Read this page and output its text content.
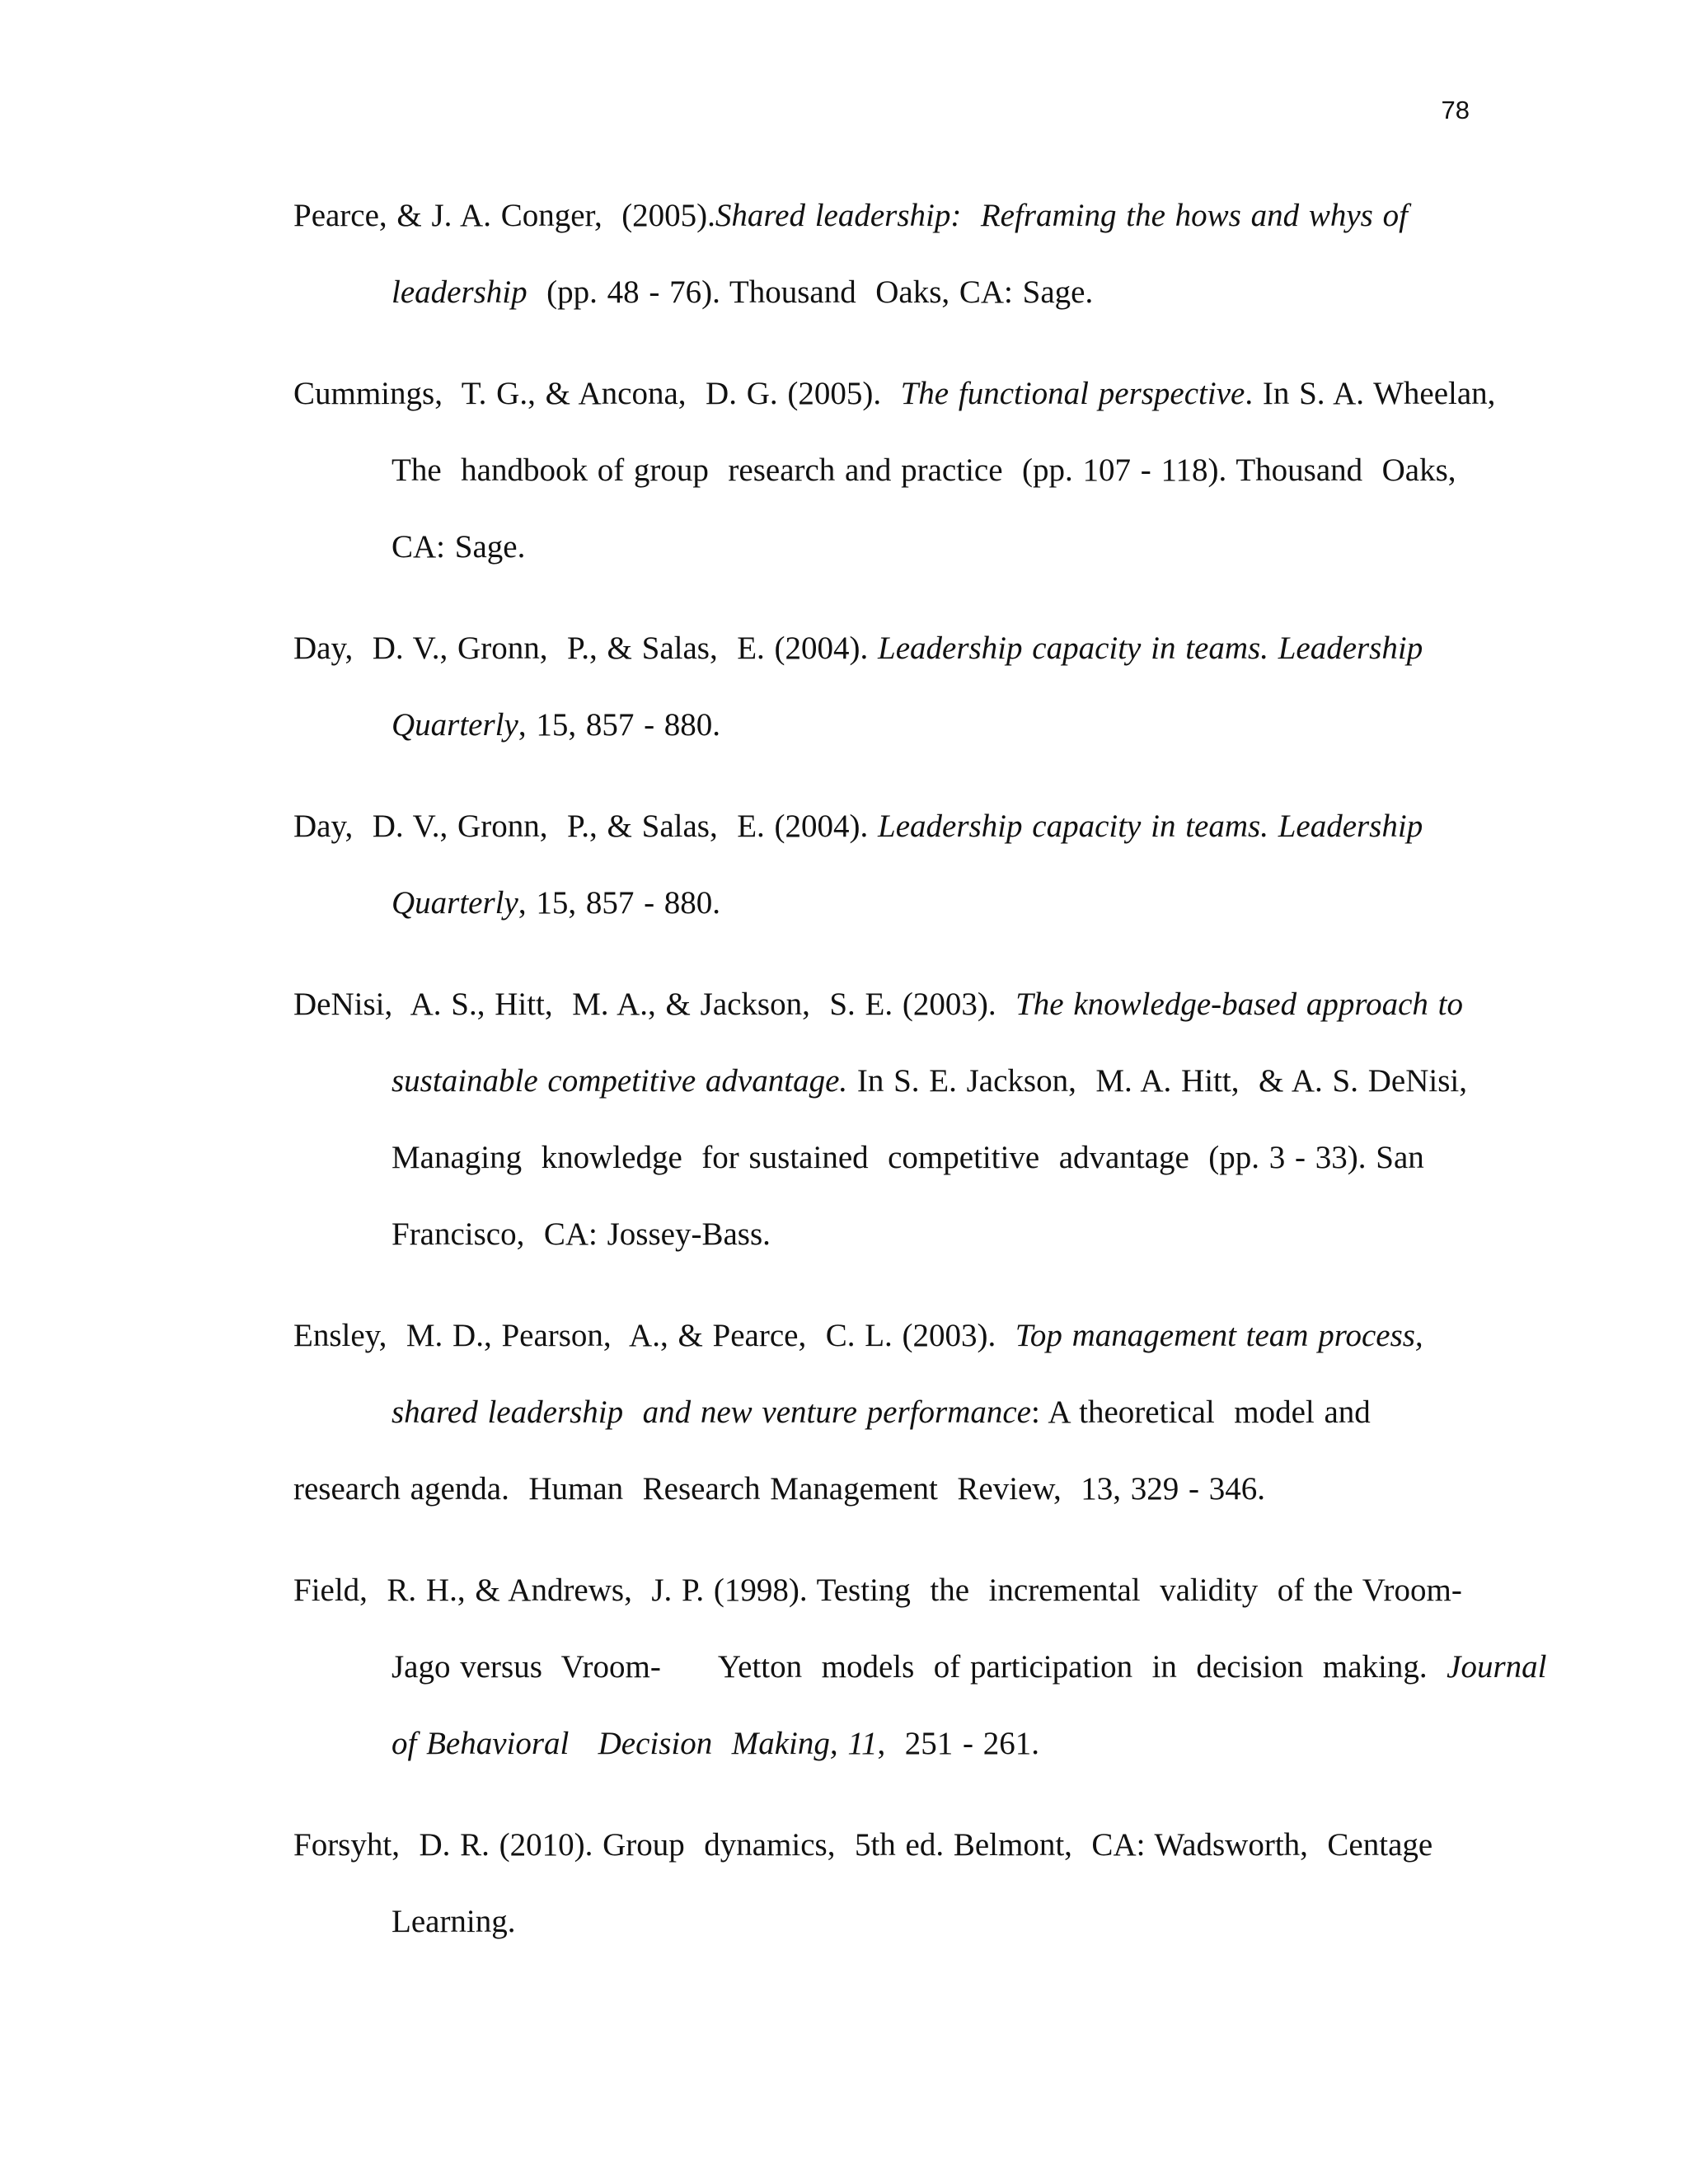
78
Pearce, & J. A. Conger,  (2005).Shared leadership:  Reframing the hows and whys of
leadership  (pp. 48 - 76). Thousand  Oaks, CA: Sage.
Cummings,  T. G., & Ancona,  D. G. (2005).  The functional perspective. In S. A. Wheelan,
The  handbook of group  research and practice  (pp. 107 - 118). Thousand  Oaks,
CA: Sage.
Day,  D. V., Gronn,  P., & Salas,  E. (2004). Leadership capacity in teams. Leadership
Quarterly, 15, 857 - 880.
Day,  D. V., Gronn,  P., & Salas,  E. (2004). Leadership capacity in teams. Leadership
Quarterly, 15, 857 - 880.
DeNisi,  A. S., Hitt,  M. A., & Jackson,  S. E. (2003).  The knowledge-based approach to
sustainable competitive advantage. In S. E. Jackson,  M. A. Hitt,  & A. S. DeNisi,
Managing  knowledge  for sustained  competitive  advantage  (pp. 3 - 33). San
Francisco,  CA: Jossey-Bass.
Ensley,  M. D., Pearson,  A., & Pearce,  C. L. (2003).  Top management team process,
shared leadership  and new venture performance: A theoretical  model and
research agenda.  Human  Research Management  Review,  13, 329 - 346.
Field,  R. H., & Andrews,  J. P. (1998). Testing  the  incremental  validity  of the Vroom-
Jago versus  Vroom-      Yetton  models  of participation  in  decision  making.  Journal
of Behavioral   Decision  Making, 11,  251 - 261.
Forsyht,  D. R. (2010). Group  dynamics,  5th ed. Belmont,  CA: Wadsworth,  Centage
Learning.
